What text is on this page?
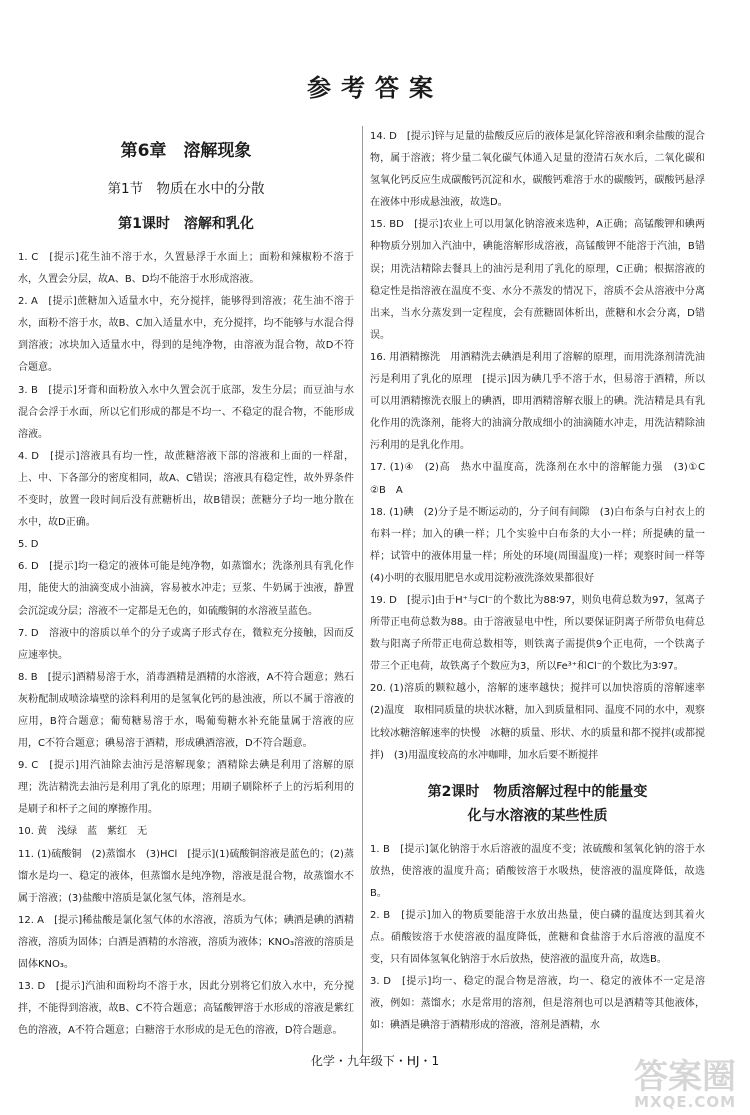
参考答案
第6章　溶解现象
第1节　物质在水中的分散
第1课时　溶解和乳化

1. C　[提示]花生油不溶于水，久置悬浮于水面上；面粉和辣椒粉不溶于水，久置会分层，故A、B、D均不能溶于水形成溶液。

2. A　[提示]蔗糖加入适量水中，充分搅拌，能够得到溶液；花生油不溶于水，面粉不溶于水，故B、C加入适量水中，充分搅拌，均不能够与水混合得到溶液；冰块加入适量水中，得到的是纯净物，由溶液为混合物，故D不符合题意。

3. B　[提示]牙膏和面粉放入水中久置会沉于底部，发生分层；而豆油与水混合会浮于水面，所以它们形成的都是不均一、不稳定的混合物，不能形成溶液。

4. D　[提示]溶液具有均一性，故蔗糖溶液下部的溶液和上面的一样甜，上、中、下各部分的密度相同，故A、C错误；溶液具有稳定性，故外界条件不变时，放置一段时间后没有蔗糖析出，故B错误；蔗糖分子均一地分散在水中，故D正确。

5. D

6. D　[提示]均一稳定的液体可能是纯净物，如蒸馏水；洗涤剂具有乳化作用，能使大的油滴变成小油滴，容易被水冲走；豆浆、牛奶属于浊液，静置会沉淀或分层；溶液不一定都是无色的，如硫酸铜的水溶液呈蓝色。

7. D　溶液中的溶质以单个的分子或离子形式存在，微粒充分接触，因而反应速率快。

8. B　[提示]酒精易溶于水，消毒酒精是酒精的水溶液，A不符合题意；熟石灰粉配制成喷涂墙壁的涂料利用的是氢氧化钙的悬浊液，所以不属于溶液的应用，B符合题意；葡萄糖易溶于水，喝葡萄糖水补充能量属于溶液的应用，C不符合题意；碘易溶于酒精，形成碘酒溶液，D不符合题意。

9. C　[提示]用汽油除去油污是溶解现象；酒精除去碘是利用了溶解的原理；洗洁精洗去油污是利用了乳化的原理；用刷子刷除杯子上的污垢利用的是刷子和杯子之间的摩擦作用。

10. 黄　浅绿　蓝　紫红　无

11. (1)硫酸铜　(2)蒸馏水　(3)HCl　[提示](1)硫酸铜溶液是蓝色的；(2)蒸馏水是均一、稳定的液体，但蒸馏水是纯净物，溶液是混合物，故蒸馏水不属于溶液；(3)盐酸中溶质是氯化氢气体，溶剂是水。

12. A　[提示]稀盐酸是氯化氢气体的水溶液，溶质为气体；碘酒是碘的酒精溶液，溶质为固体；白酒是酒精的水溶液，溶质为液体；KNO₃溶液的溶质是固体KNO₃。

13. D　[提示]汽油和面粉均不溶于水，因此分别将它们放入水中，充分搅拌，不能得到溶液，故B、C不符合题意；高锰酸钾溶于水形成的溶液是紫红色的溶液，A不符合题意；白糖溶于水形成的是无色的溶液，D符合题意。

14. D　[提示]锌与足量的盐酸反应后的液体是氯化锌溶液和剩余盐酸的混合物，属于溶液；将少量二氧化碳气体通入足量的澄清石灰水后，二氧化碳和氢氧化钙反应生成碳酸钙沉淀和水，碳酸钙难溶于水的碳酸钙，碳酸钙悬浮在液体中形成悬浊液，故选D。

15. BD　[提示]农业上可以用氯化钠溶液来选种，A正确；高锰酸钾和碘两种物质分别加入汽油中，碘能溶解形成溶液，高锰酸钾不能溶于汽油，B错误；用洗洁精除去餐具上的油污是利用了乳化的原理，C正确；根据溶液的稳定性是指溶液在温度不变、水分不蒸发的情况下，溶质不会从溶液中分离出来，当水分蒸发到一定程度，会有蔗糖固体析出，蔗糖和水会分离，D错误。

16. 用酒精擦洗　用酒精洗去碘酒是利用了溶解的原理，而用洗涤剂清洗油污是利用了乳化的原理　[提示]因为碘几乎不溶于水，但易溶于酒精，所以可以用酒精擦洗衣服上的碘酒，即用酒精溶解衣服上的碘。洗洁精是具有乳化作用的洗涤剂，能将大的油滴分散成细小的油滴随水冲走，用洗洁精除油污利用的是乳化作用。

17. (1)④　(2)高　热水中温度高，洗涤剂在水中的溶解能力强　(3)①C　②B　A

18. (1)碘　(2)分子是不断运动的，分子间有间隙　(3)白布条与白衬衣上的布料一样；加入的碘一样；几个实验中白布条的大小一样；所提碘的量一样；试管中的液体用量一样；所处的环境(周围温度)一样；观察时间一样等　(4)小明的衣服用肥皂水或用淀粉液洗涤效果都很好

19. D　[提示]由于H⁺与Cl⁻的个数比为88∶97，则负电荷总数为97，氢离子所带正电荷总数为88。由于溶液显电中性，所以要保证阴离子所带负电荷总数与阳离子所带正电荷总数相等，则铁离子需提供9个正电荷，一个铁离子带三个正电荷，故铁离子个数应为3，所以Fe³⁺和Cl⁻的个数比为3∶97。

20. (1)溶质的颗粒越小，溶解的速率越快；搅拌可以加快溶质的溶解速率　(2)温度　取相同质量的块状冰糖，加入到质量相同、温度不同的水中，观察比较冰糖溶解速率的快慢　冰糖的质量、形状、水的质量和都不搅拌(或都搅拌)　(3)用温度较高的水冲咖啡，加水后要不断搅拌

第2课时　物质溶解过程中的能量变
化与水溶液的某些性质

1. B　[提示]氯化钠溶于水后溶液的温度不变；浓硫酸和氢氧化钠的溶于水放热，使溶液的温度升高；硝酸铵溶于水吸热，使溶液的温度降低，故选B。

2. B　[提示]加入的物质要能溶于水放出热量，使白磷的温度达到其着火点。硝酸铵溶于水使溶液的温度降低，蔗糖和食盐溶于水后溶液的温度不变，只有固体氢氧化钠溶于水后放热，使溶液的温度升高，故选B。

3. D　[提示]均一、稳定的混合物是溶液，均一、稳定的液体不一定是溶液，例如：蒸馏水；水是常用的溶剂，但是溶剂也可以是酒精等其他液体，如：碘酒是碘溶于酒精形成的溶液，溶剂是酒精，水

化学・九年级下・HJ・1	答案圈
MXQE.COM
